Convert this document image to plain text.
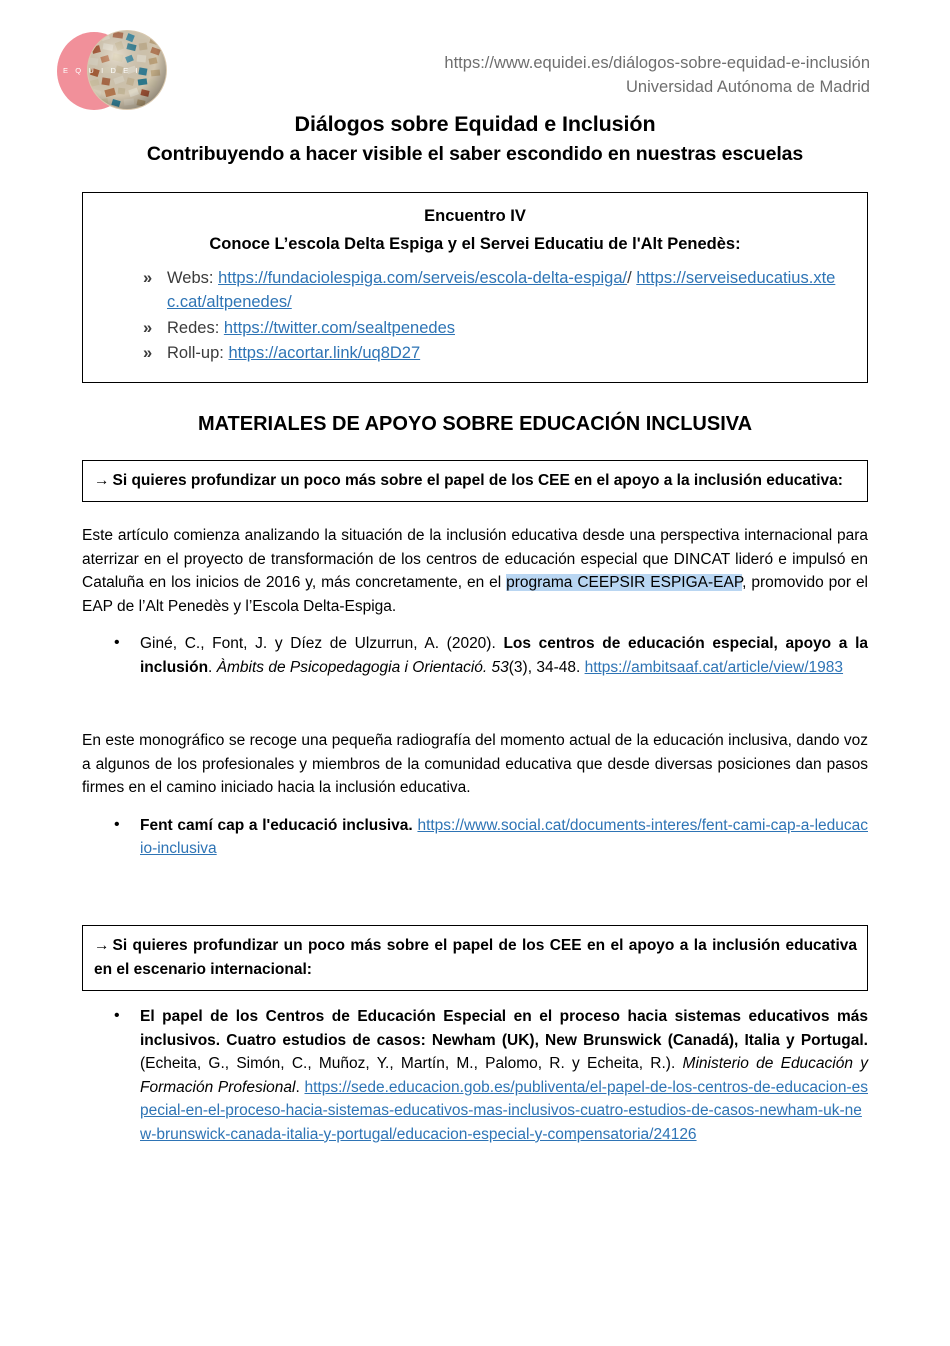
E Q U I D E I	https://www.equidei.es/diálogos-sobre-equidad-e-inclusión
Universidad Autónoma de Madrid
Diálogos sobre Equidad e Inclusión
Contribuyendo a hacer visible el saber escondido en nuestras escuelas
Encuentro IV
Conoce L’escola Delta Espiga y el Servei Educatiu de l'Alt Penedès:
» Webs: https://fundaciolespiga.com/serveis/escola-delta-espiga// https://serveiseducatius.xtec.cat/altpenedes/
» Redes: https://twitter.com/sealtpenedes
» Roll-up: https://acortar.link/uq8D27
MATERIALES DE APOYO SOBRE EDUCACIÓN INCLUSIVA
→ Si quieres profundizar un poco más sobre el papel de los CEE en el apoyo a la inclusión educativa:
Este artículo comienza analizando la situación de la inclusión educativa desde una perspectiva internacional para aterrizar en el proyecto de transformación de los centros de educación especial que DINCAT lideró e impulsó en Cataluña en los inicios de 2016 y, más concretamente, en el programa CEEPSIR ESPIGA-EAP, promovido por el EAP de l’Alt Penedès y l’Escola Delta-Espiga.
• Giné, C., Font, J. y Díez de Ulzurrun, A. (2020). Los centros de educación especial, apoyo a la inclusión. Àmbits de Psicopedagogia i Orientació. 53(3), 34-48. https://ambitsaaf.cat/article/view/1983
En este monográfico se recoge una pequeña radiografía del momento actual de la educación inclusiva, dando voz a algunos de los profesionales y miembros de la comunidad educativa que desde diversas posiciones dan pasos firmes en el camino iniciado hacia la inclusión educativa.
• Fent camí cap a l'educació inclusiva. https://www.social.cat/documents-interes/fent-cami-cap-a-leducacio-inclusiva
→ Si quieres profundizar un poco más sobre el papel de los CEE en el apoyo a la inclusión educativa en el escenario internacional:
• El papel de los Centros de Educación Especial en el proceso hacia sistemas educativos más inclusivos. Cuatro estudios de casos: Newham (UK), New Brunswick (Canadá), Italia y Portugal. (Echeita, G., Simón, C., Muñoz, Y., Martín, M., Palomo, R. y Echeita, R.). Ministerio de Educación y Formación Profesional. https://sede.educacion.gob.es/publiventa/el-papel-de-los-centros-de-educacion-especial-en-el-proceso-hacia-sistemas-educativos-mas-inclusivos-cuatro-estudios-de-casos-newham-uk-new-brunswick-canada-italia-y-portugal/educacion-especial-y-compensatoria/24126
